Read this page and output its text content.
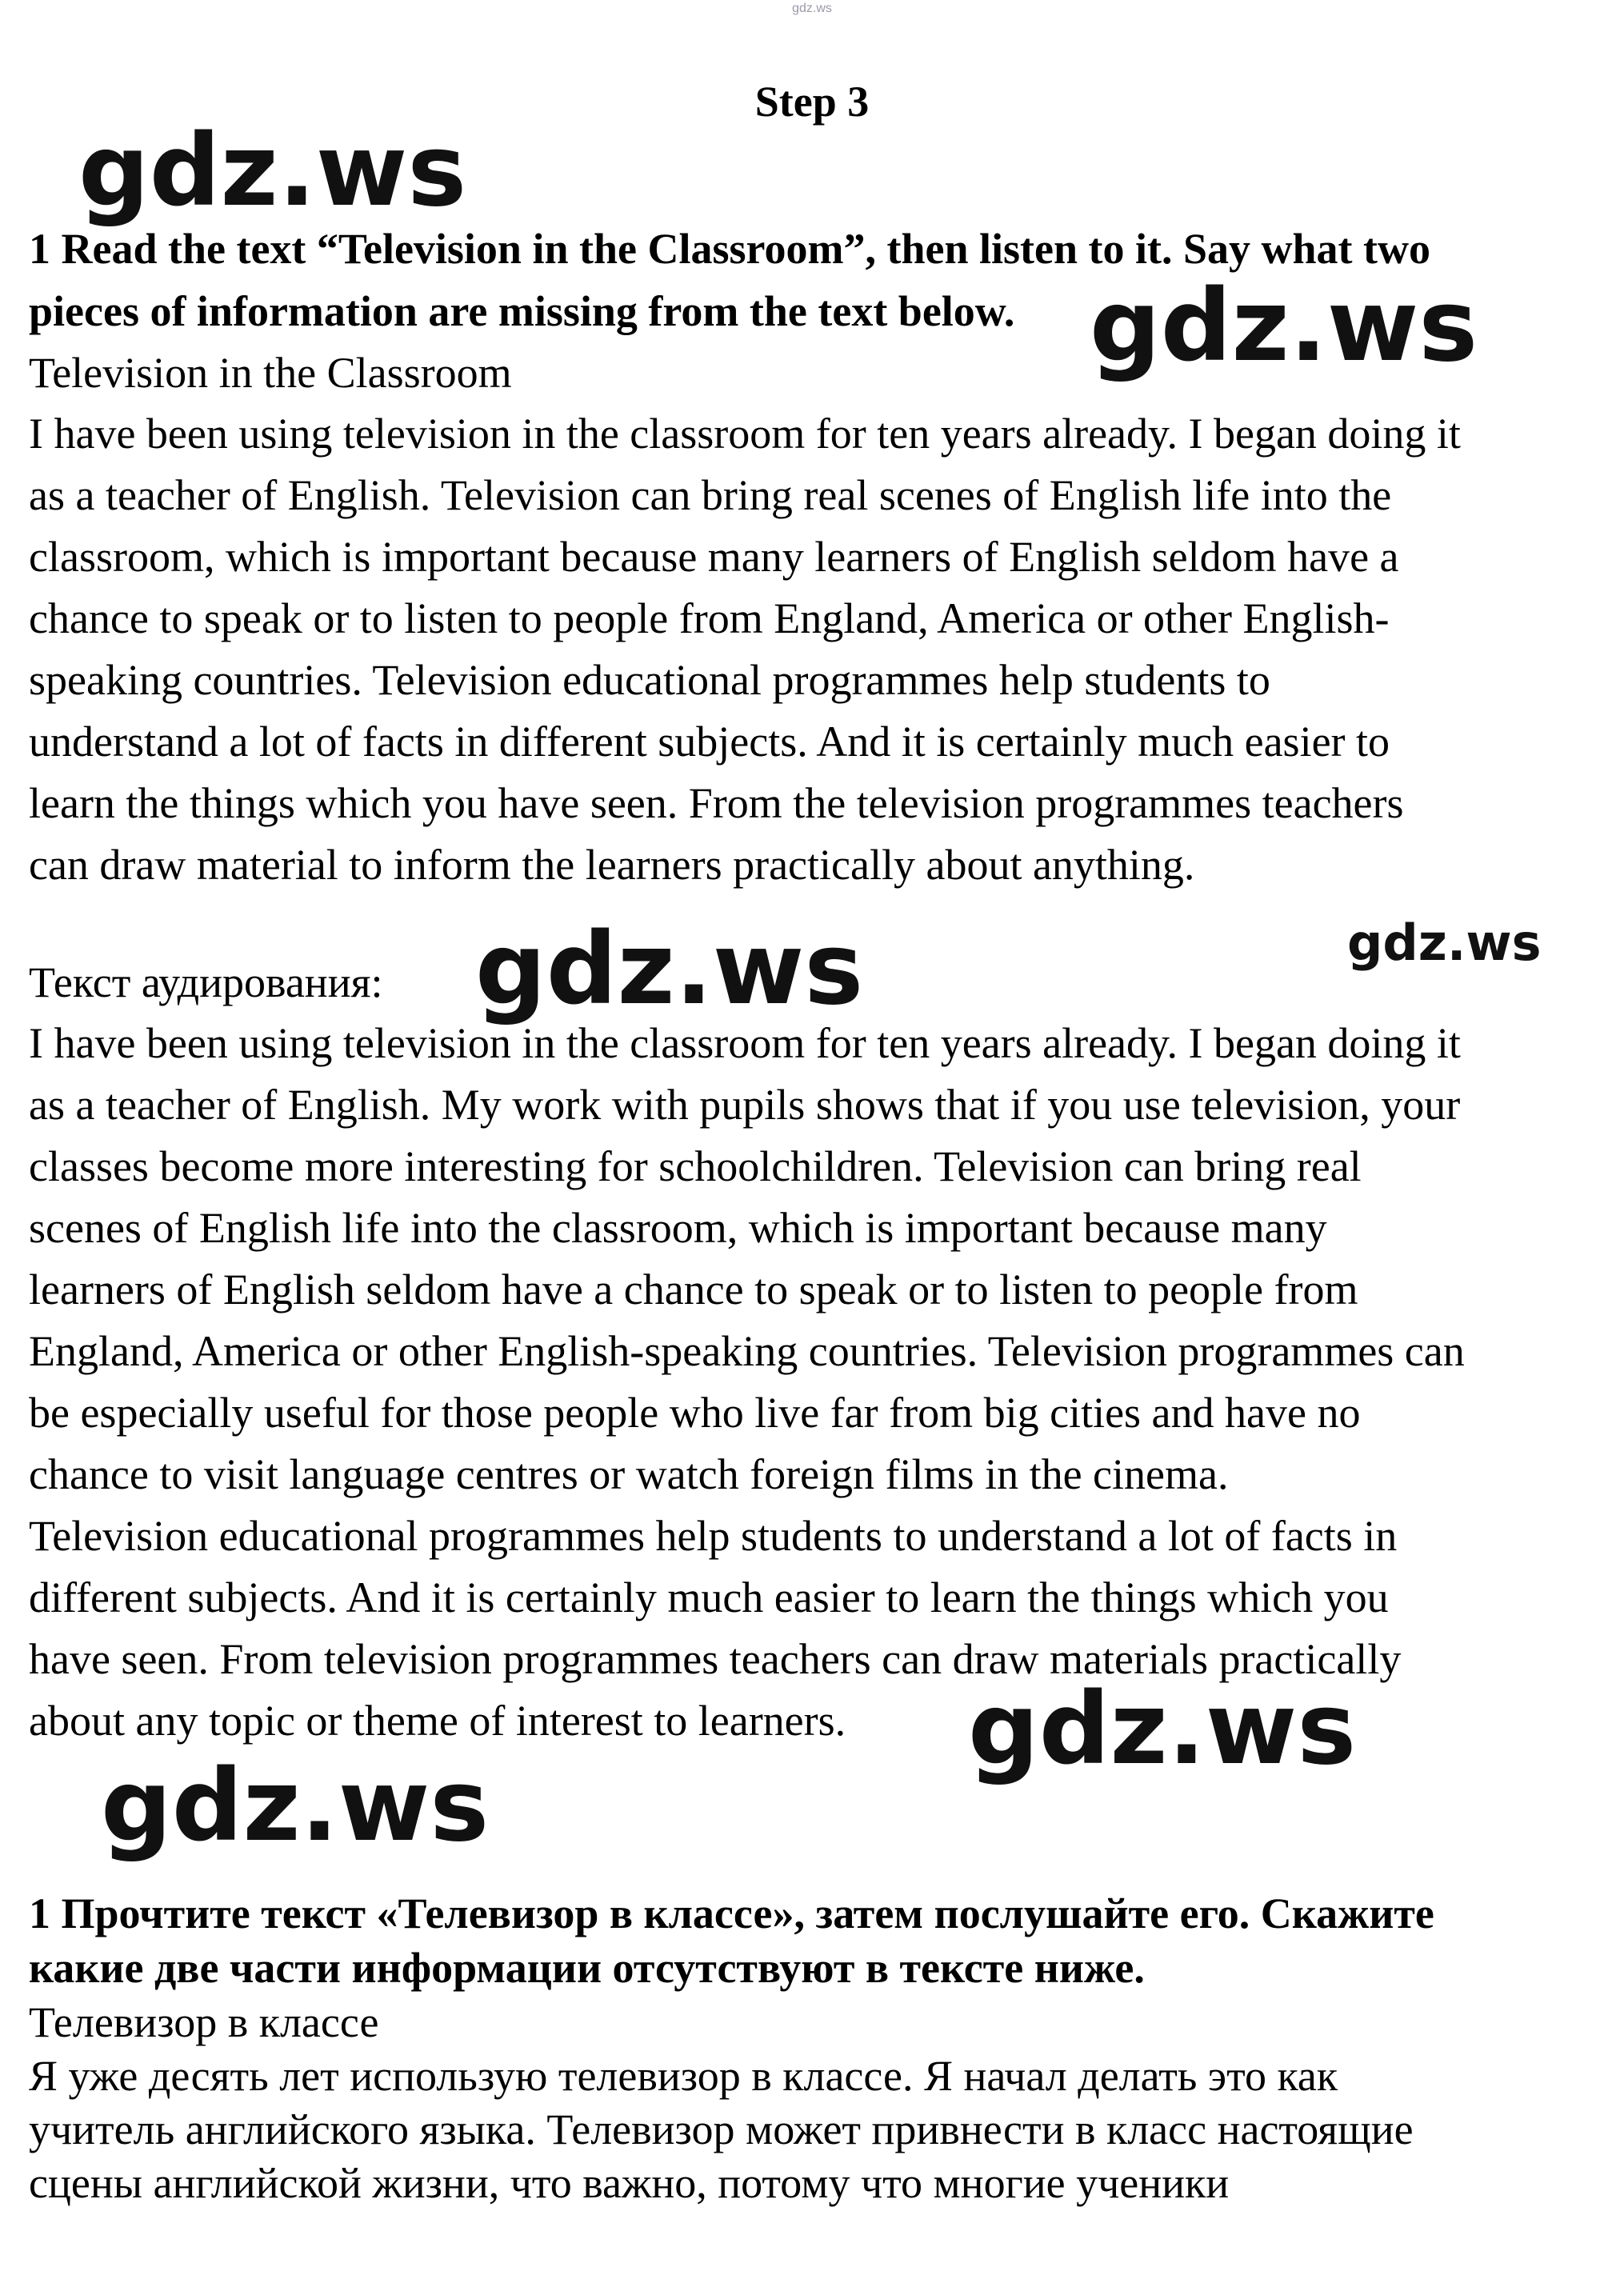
gdz.ws
Step 3

1 Read the text “Television in the Classroom”, then listen to it. Say what two
pieces of information are missing from the text below.

Television in the Classroom

I have been using television in the classroom for ten years already. I began doing it
as a teacher of English. Television can bring real scenes of English life into the
classroom, which is important because many learners of English seldom have a
chance to speak or to listen to people from England, America or other English-
speaking countries. Television educational programmes help students to
understand a lot of facts in different subjects. And it is certainly much easier to
learn the things which you have seen. From the television programmes teachers
can draw material to inform the learners practically about anything.

Текст аудирования:

I have been using television in the classroom for ten years already. I began doing it
as a teacher of English. My work with pupils shows that if you use television, your
classes become more interesting for schoolchildren. Television can bring real
scenes of English life into the classroom, which is important because many
learners of English seldom have a chance to speak or to listen to people from
England, America or other English-speaking countries. Television programmes can
be especially useful for those people who live far from big cities and have no
chance to visit language centres or watch foreign films in the cinema.
Television educational programmes help students to understand a lot of facts in
different subjects. And it is certainly much easier to learn the things which you
have seen. From television programmes teachers can draw materials practically
about any topic or theme of interest to learners.

1 Прочтите текст «Телевизор в классе», затем послушайте его. Скажите
какие две части информации отсутствуют в тексте ниже.

Телевизор в классе

Я уже десять лет использую телевизор в классе. Я начал делать это как
учитель английского языка. Телевизор может привнести в класс настоящие
сцены английской жизни, что важно, потому что многие ученики

gdz.ws
gdz.ws
gdz.ws	gdz.ws
gdz.ws
gdz.ws
